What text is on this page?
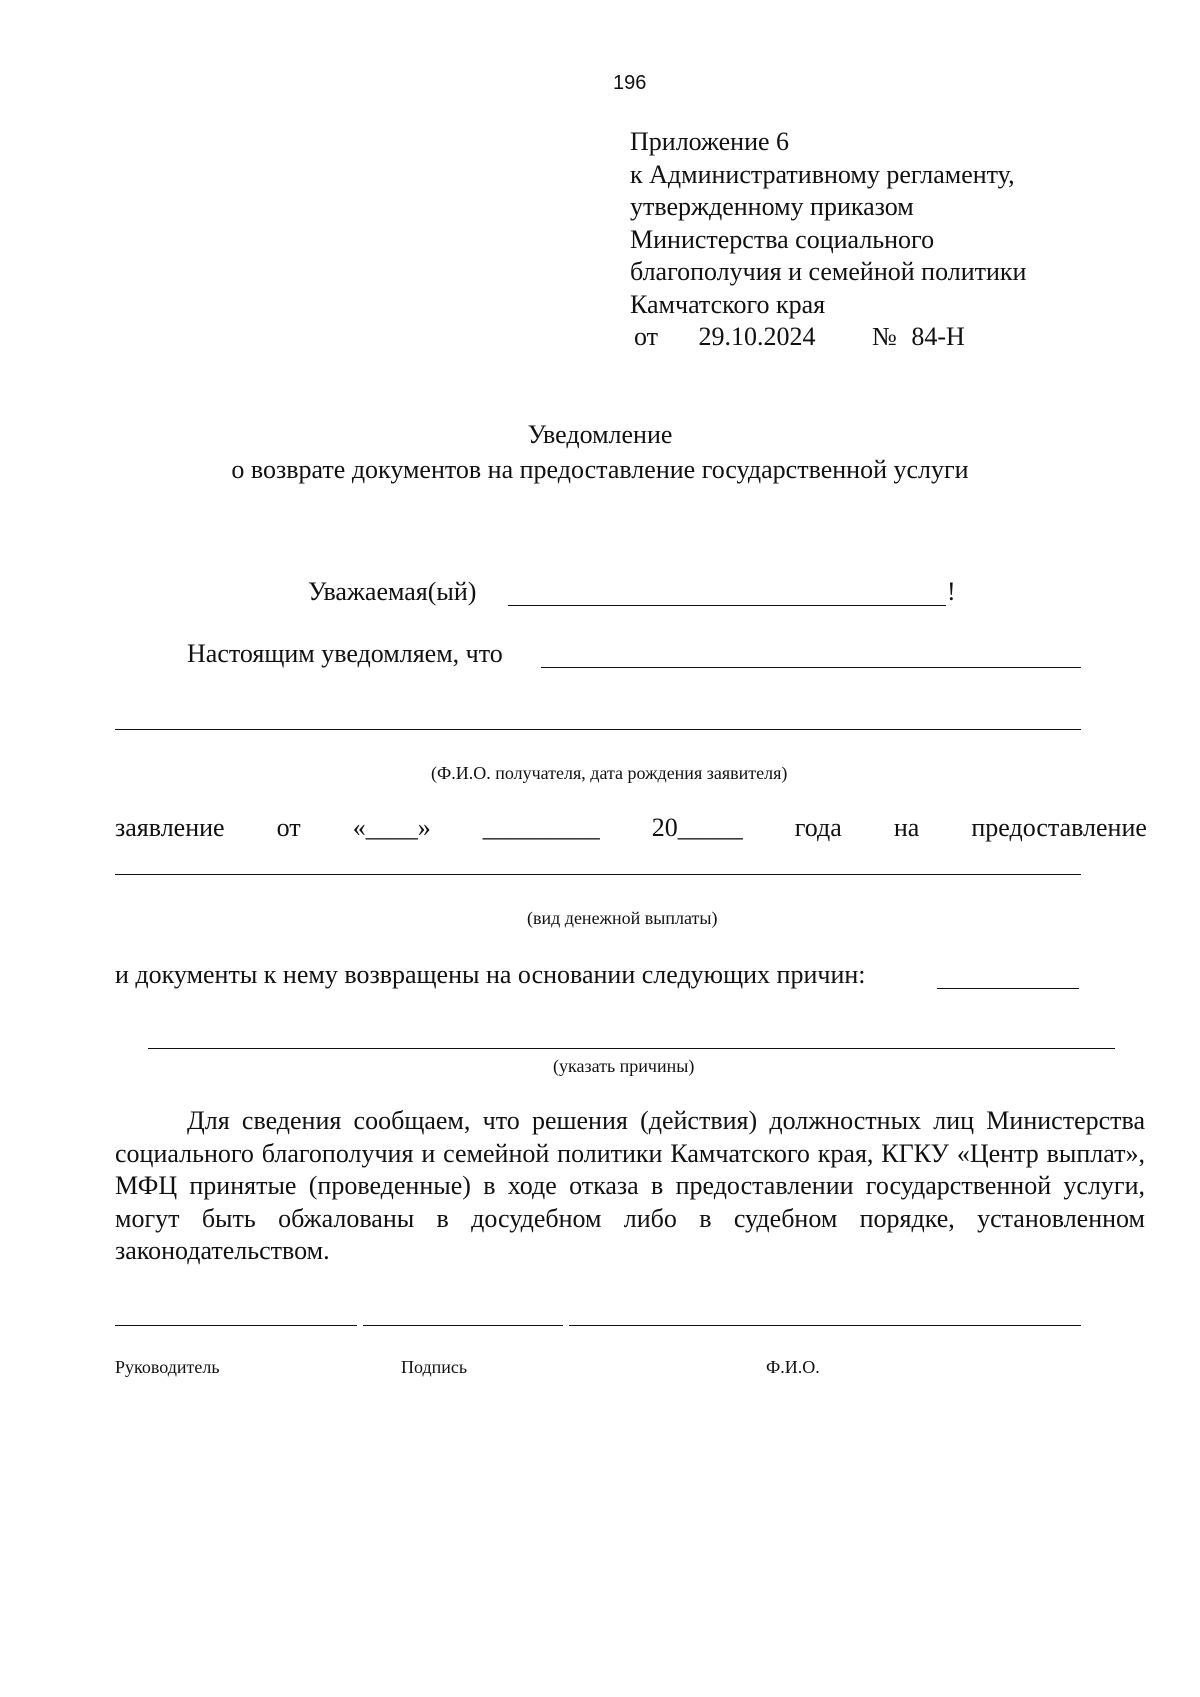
196
Приложение 6
к Административному регламенту,
утвержденному приказом
Министерства социального
благополучия и семейной политики
Камчатского края
от 29.10.2024 № 84-Н
Уведомление
о возврате документов на предоставление государственной услуги
Уважаемая(ый)	!
Настоящим уведомляем, что
(Ф.И.О. получателя, дата рождения заявителя)
заявление от «____» _________ 20_____ года на предоставление
(вид денежной выплаты)
и документы к нему возвращены на основании следующих причин:
(указать причины)
Для сведения сообщаем, что решения (действия) должностных лиц Министерства социального благополучия и семейной политики Камчатского края, КГКУ «Центр выплат», МФЦ принятые (проведенные) в ходе отказа в предоставлении государственной услуги, могут быть обжалованы в досудебном либо в судебном порядке, установленном законодательством.
Руководитель	Подпись	Ф.И.О.
